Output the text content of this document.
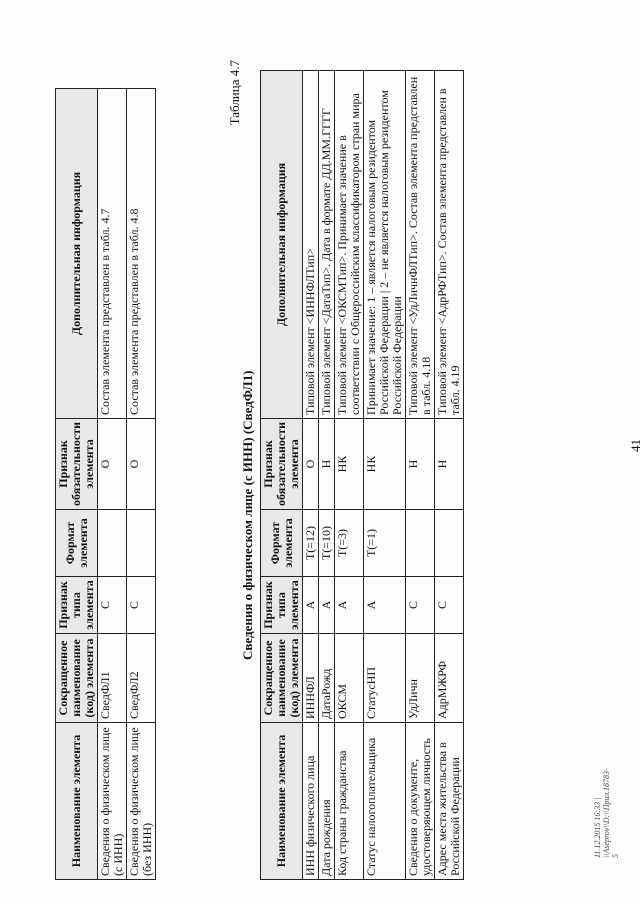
41
11.12.2015 16:33 | \\Aseprov\\D:\\Прил.18783-5
Наименование элемента	Сокращенное наименование (код) элемента	Признак типа элемента	Формат элемента	Признак обязательности элемента	Дополнительная информация
Сведения о физическом лице (с ИНН)	СведФЛ1	С		О	Состав элемента представлен в табл. 4.7
Сведения о физическом лице (без ИНН)	СведФЛ2	С		О	Состав элемента представлен в табл. 4.8
Таблица 4.7
Сведения о физическом лице (с ИНН) (СведФЛ1)
Наименование элемента	Сокращенное наименование (код) элемента	Признак типа элемента	Формат элемента	Признак обязательности элемента	Дополнительная информация
ИНН физического лица	ИННФЛ	А	T(=12)	О	Типовой элемент <ИННФЛТип>
Дата рождения	ДатаРожд	А	T(=10)	Н	Типовой элемент <ДатаТип>. Дата в формате ДД.ММ.ГГГГ
Код страны гражданства	ОКСМ	А	T(=3)	НК	Типовой элемент <ОКСМТип>. Принимает значение в соответствии с Общероссийским классификатором стран мира
Статус налогоплательщика	СтатусНП	А	T(=1)	НК	Принимает значение: 1 – является налоговым резидентом Российской Федерации | 2 – не является налоговым резидентом Российской Федерации
Сведения о документе, удостоверяющем личность	УдЛичн	С		Н	Типовой элемент <УдЛичнФЛТип>. Состав элемента представлен в табл. 4.18
Адрес места жительства в Российской Федерации	АдрМЖРФ	С		Н	Типовой элемент <АдрРФТип>. Состав элемента представлен в табл. 4.19
